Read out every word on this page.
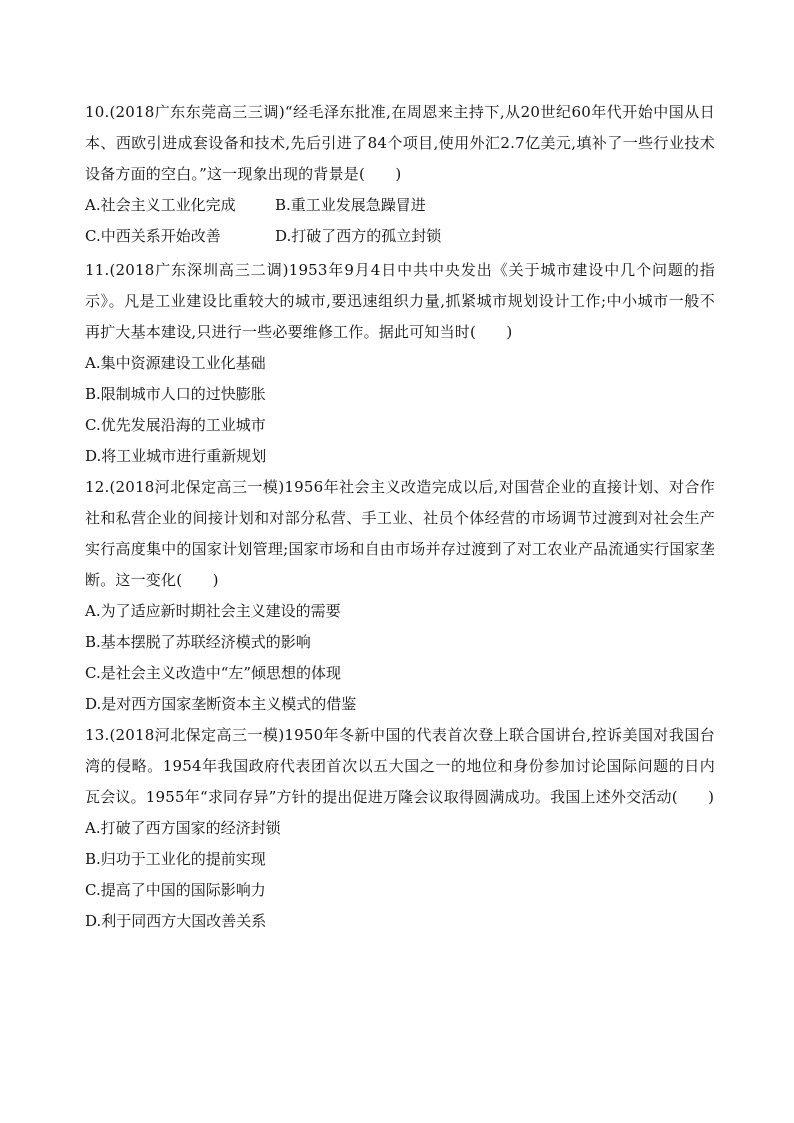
10.(2018广东东莞高三三调)“经毛泽东批准,在周恩来主持下,从20世纪60年代开始中国从日本、西欧引进成套设备和技术,先后引进了84个项目,使用外汇2.7亿美元,填补了一些行业技术设备方面的空白。”这一现象出现的背景是(　　)

A.社会主义工业化完成	B.重工业发展急躁冒进
C.中西关系开始改善	D.打破了西方的孤立封锁

11.(2018广东深圳高三二调)1953年9月4日中共中央发出《关于城市建设中几个问题的指示》。凡是工业建设比重较大的城市,要迅速组织力量,抓紧城市规划设计工作;中小城市一般不再扩大基本建设,只进行一些必要维修工作。据此可知当时(　　)

A.集中资源建设工业化基础
B.限制城市人口的过快膨胀
C.优先发展沿海的工业城市
D.将工业城市进行重新规划

12.(2018河北保定高三一模)1956年社会主义改造完成以后,对国营企业的直接计划、对合作社和私营企业的间接计划和对部分私营、手工业、社员个体经营的市场调节过渡到对社会生产实行高度集中的国家计划管理;国家市场和自由市场并存过渡到了对工农业产品流通实行国家垄断。这一变化(　　)

A.为了适应新时期社会主义建设的需要
B.基本摆脱了苏联经济模式的影响
C.是社会主义改造中“左”倾思想的体现
D.是对西方国家垄断资本主义模式的借鉴

13.(2018河北保定高三一模)1950年冬新中国的代表首次登上联合国讲台,控诉美国对我国台湾的侵略。1954年我国政府代表团首次以五大国之一的地位和身份参加讨论国际问题的日内瓦会议。1955年“求同存异”方针的提出促进万隆会议取得圆满成功。我国上述外交活动(　　)

A.打破了西方国家的经济封锁
B.归功于工业化的提前实现
C.提高了中国的国际影响力
D.利于同西方大国改善关系
